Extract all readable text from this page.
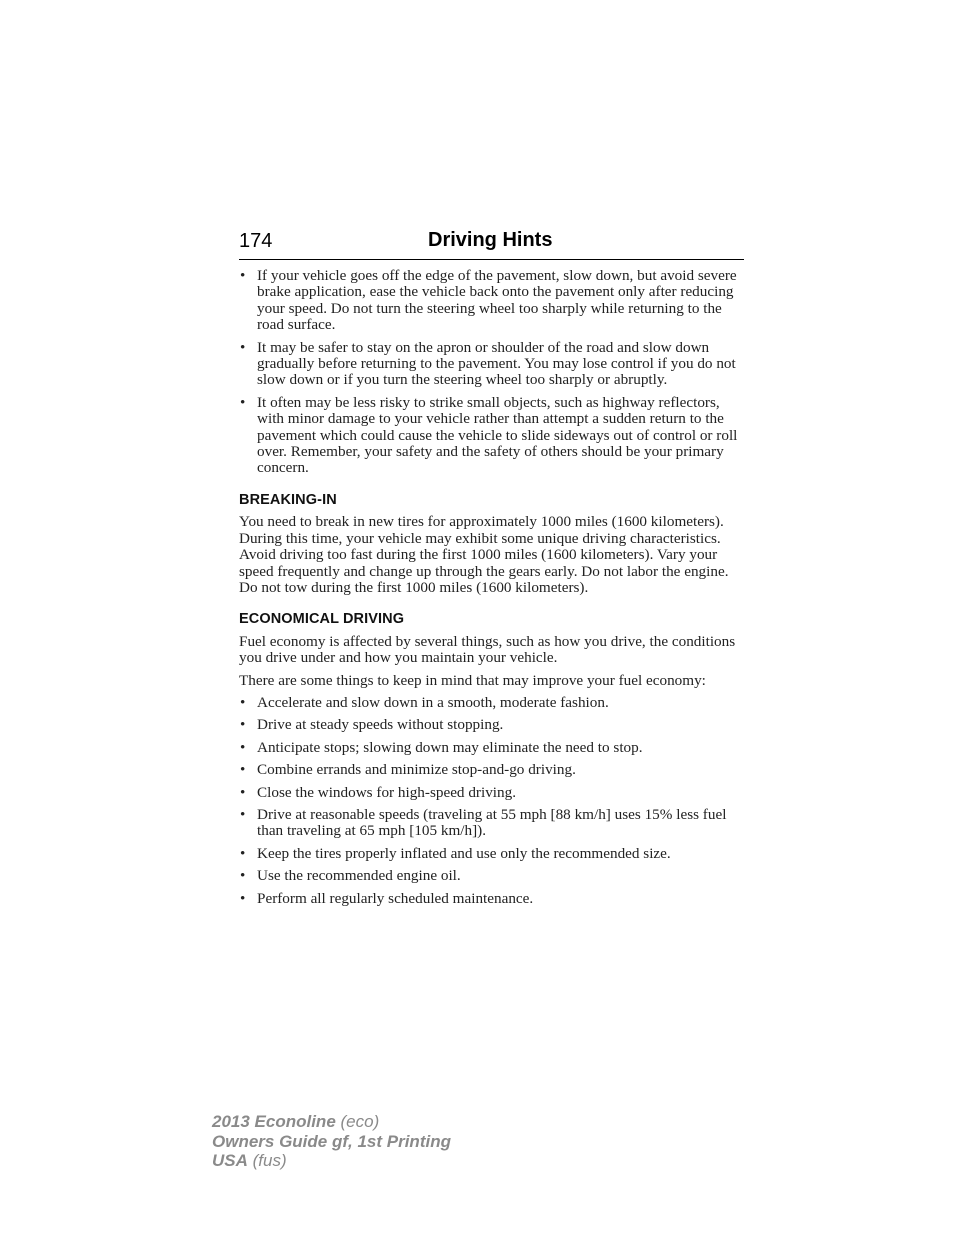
174	Driving Hints
• If your vehicle goes off the edge of the pavement, slow down, but avoid severe brake application, ease the vehicle back onto the pavement only after reducing your speed. Do not turn the steering wheel too sharply while returning to the road surface.
• It may be safer to stay on the apron or shoulder of the road and slow down gradually before returning to the pavement. You may lose control if you do not slow down or if you turn the steering wheel too sharply or abruptly.
• It often may be less risky to strike small objects, such as highway reflectors, with minor damage to your vehicle rather than attempt a sudden return to the pavement which could cause the vehicle to slide sideways out of control or roll over. Remember, your safety and the safety of others should be your primary concern.
BREAKING-IN

You need to break in new tires for approximately 1000 miles (1600 kilometers). During this time, your vehicle may exhibit some unique driving characteristics. Avoid driving too fast during the first 1000 miles (1600 kilometers). Vary your speed frequently and change up through the gears early. Do not labor the engine. Do not tow during the first 1000 miles (1600 kilometers).

ECONOMICAL DRIVING

Fuel economy is affected by several things, such as how you drive, the conditions you drive under and how you maintain your vehicle.

There are some things to keep in mind that may improve your fuel economy:

• Accelerate and slow down in a smooth, moderate fashion.
• Drive at steady speeds without stopping.
• Anticipate stops; slowing down may eliminate the need to stop.
• Combine errands and minimize stop-and-go driving.
• Close the windows for high-speed driving.
• Drive at reasonable speeds (traveling at 55 mph [88 km/h] uses 15% less fuel than traveling at 65 mph [105 km/h]).
• Keep the tires properly inflated and use only the recommended size.
• Use the recommended engine oil.
• Perform all regularly scheduled maintenance.
2013 Econoline (eco)
Owners Guide gf, 1st Printing
USA (fus)
